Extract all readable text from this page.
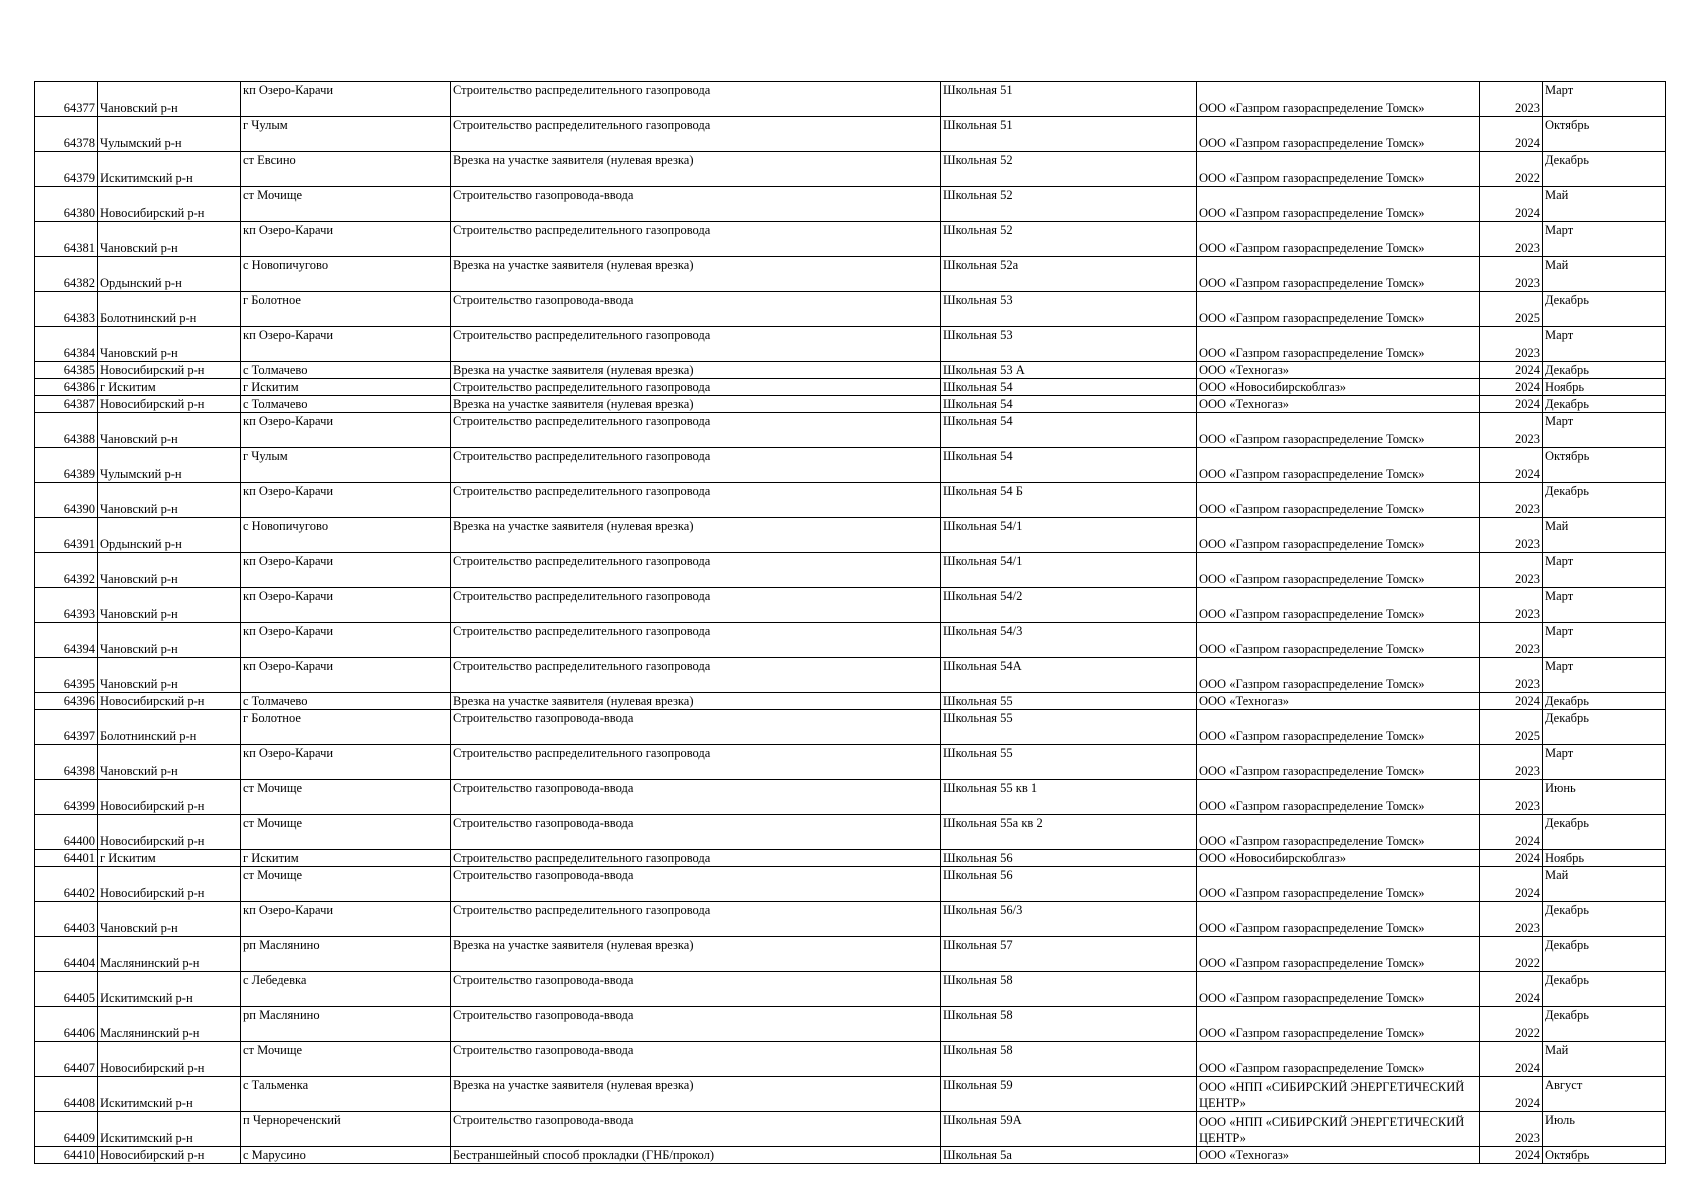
64377	Чановский р-н	кп Озеро-Карачи	Строительство распределительного газопровода	Школьная 51	ООО «Газпром газораспределение Томск»	2023	Март
64378	Чулымский р-н	г Чулым	Строительство распределительного газопровода	Школьная 51	ООО «Газпром газораспределение Томск»	2024	Октябрь
64379	Искитимский р-н	ст Евсино	Врезка на участке заявителя (нулевая врезка)	Школьная 52	ООО «Газпром газораспределение Томск»	2022	Декабрь
64380	Новосибирский р-н	ст Мочище	Строительство газопровода-ввода	Школьная 52	ООО «Газпром газораспределение Томск»	2024	Май
64381	Чановский р-н	кп Озеро-Карачи	Строительство распределительного газопровода	Школьная 52	ООО «Газпром газораспределение Томск»	2023	Март
64382	Ордынский р-н	с Новопичугово	Врезка на участке заявителя (нулевая врезка)	Школьная 52а	ООО «Газпром газораспределение Томск»	2023	Май
64383	Болотнинский р-н	г Болотное	Строительство газопровода-ввода	Школьная 53	ООО «Газпром газораспределение Томск»	2025	Декабрь
64384	Чановский р-н	кп Озеро-Карачи	Строительство распределительного газопровода	Школьная 53	ООО «Газпром газораспределение Томск»	2023	Март
64385	Новосибирский р-н	с Толмачево	Врезка на участке заявителя (нулевая врезка)	Школьная 53 А	ООО «Техногаз»	2024	Декабрь
64386	г Искитим	г Искитим	Строительство распределительного газопровода	Школьная 54	ООО «Новосибирскоблгаз»	2024	Ноябрь
64387	Новосибирский р-н	с Толмачево	Врезка на участке заявителя (нулевая врезка)	Школьная 54	ООО «Техногаз»	2024	Декабрь
64388	Чановский р-н	кп Озеро-Карачи	Строительство распределительного газопровода	Школьная 54	ООО «Газпром газораспределение Томск»	2023	Март
64389	Чулымский р-н	г Чулым	Строительство распределительного газопровода	Школьная 54	ООО «Газпром газораспределение Томск»	2024	Октябрь
64390	Чановский р-н	кп Озеро-Карачи	Строительство распределительного газопровода	Школьная 54 Б	ООО «Газпром газораспределение Томск»	2023	Декабрь
64391	Ордынский р-н	с Новопичугово	Врезка на участке заявителя (нулевая врезка)	Школьная 54/1	ООО «Газпром газораспределение Томск»	2023	Май
64392	Чановский р-н	кп Озеро-Карачи	Строительство распределительного газопровода	Школьная 54/1	ООО «Газпром газораспределение Томск»	2023	Март
64393	Чановский р-н	кп Озеро-Карачи	Строительство распределительного газопровода	Школьная 54/2	ООО «Газпром газораспределение Томск»	2023	Март
64394	Чановский р-н	кп Озеро-Карачи	Строительство распределительного газопровода	Школьная 54/3	ООО «Газпром газораспределение Томск»	2023	Март
64395	Чановский р-н	кп Озеро-Карачи	Строительство распределительного газопровода	Школьная 54А	ООО «Газпром газораспределение Томск»	2023	Март
64396	Новосибирский р-н	с Толмачево	Врезка на участке заявителя (нулевая врезка)	Школьная 55	ООО «Техногаз»	2024	Декабрь
64397	Болотнинский р-н	г Болотное	Строительство газопровода-ввода	Школьная 55	ООО «Газпром газораспределение Томск»	2025	Декабрь
64398	Чановский р-н	кп Озеро-Карачи	Строительство распределительного газопровода	Школьная 55	ООО «Газпром газораспределение Томск»	2023	Март
64399	Новосибирский р-н	ст Мочище	Строительство газопровода-ввода	Школьная 55 кв 1	ООО «Газпром газораспределение Томск»	2023	Июнь
64400	Новосибирский р-н	ст Мочище	Строительство газопровода-ввода	Школьная 55а кв 2	ООО «Газпром газораспределение Томск»	2024	Декабрь
64401	г Искитим	г Искитим	Строительство распределительного газопровода	Школьная 56	ООО «Новосибирскоблгаз»	2024	Ноябрь
64402	Новосибирский р-н	ст Мочище	Строительство газопровода-ввода	Школьная 56	ООО «Газпром газораспределение Томск»	2024	Май
64403	Чановский р-н	кп Озеро-Карачи	Строительство распределительного газопровода	Школьная 56/3	ООО «Газпром газораспределение Томск»	2023	Декабрь
64404	Маслянинский р-н	рп Маслянино	Врезка на участке заявителя (нулевая врезка)	Школьная 57	ООО «Газпром газораспределение Томск»	2022	Декабрь
64405	Искитимский р-н	с Лебедевка	Строительство газопровода-ввода	Школьная 58	ООО «Газпром газораспределение Томск»	2024	Декабрь
64406	Маслянинский р-н	рп Маслянино	Строительство газопровода-ввода	Школьная 58	ООО «Газпром газораспределение Томск»	2022	Декабрь
64407	Новосибирский р-н	ст Мочище	Строительство газопровода-ввода	Школьная 58	ООО «Газпром газораспределение Томск»	2024	Май
64408	Искитимский р-н	с Тальменка	Врезка на участке заявителя (нулевая врезка)	Школьная 59	ООО «НПП «СИБИРСКИЙ ЭНЕРГЕТИЧЕСКИЙ ЦЕНТР»	2024	Август
64409	Искитимский р-н	п Чернореченский	Строительство газопровода-ввода	Школьная 59А	ООО «НПП «СИБИРСКИЙ ЭНЕРГЕТИЧЕСКИЙ ЦЕНТР»	2023	Июль
64410	Новосибирский р-н	с Марусино	Бестраншейный способ прокладки (ГНБ/прокол)	Школьная 5а	ООО «Техногаз»	2024	Октябрь
